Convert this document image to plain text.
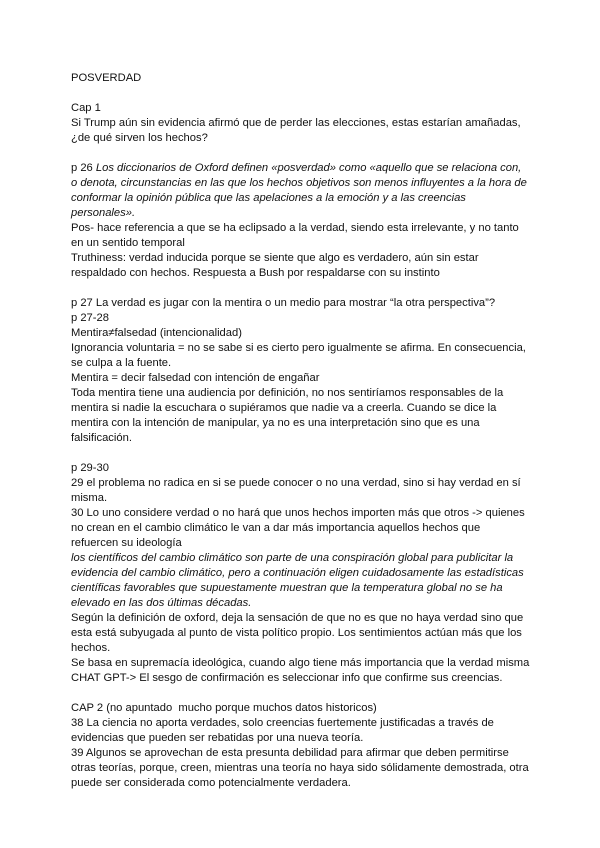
POSVERDAD

Cap 1

Si Trump aún sin evidencia afirmó que de perder las elecciones, estas estarían amañadas,

¿de qué sirven los hechos?

p 26 Los diccionarios de Oxford definen «posverdad» como «aquello que se relaciona con,

o denota, circunstancias en las que los hechos objetivos son menos influyentes a la hora de

conformar la opinión pública que las apelaciones a la emoción y a las creencias

personales».

Pos- hace referencia a que se ha eclipsado a la verdad, siendo esta irrelevante, y no tanto

en un sentido temporal

Truthiness: verdad inducida porque se siente que algo es verdadero, aún sin estar

respaldado con hechos. Respuesta a Bush por respaldarse con su instinto

p 27 La verdad es jugar con la mentira o un medio para mostrar “la otra perspectiva”?

p 27-28

Mentira≠falsedad (intencionalidad)

Ignorancia voluntaria = no se sabe si es cierto pero igualmente se afirma. En consecuencia,

se culpa a la fuente.

Mentira = decir falsedad con intención de engañar

Toda mentira tiene una audiencia por definición, no nos sentiríamos responsables de la

mentira si nadie la escuchara o supiéramos que nadie va a creerla. Cuando se dice la

mentira con la intención de manipular, ya no es una interpretación sino que es una

falsificación.

p 29-30

29 el problema no radica en si se puede conocer o no una verdad, sino si hay verdad en sí

misma.

30 Lo uno considere verdad o no hará que unos hechos importen más que otros -> quienes

no crean en el cambio climático le van a dar más importancia aquellos hechos que

refuercen su ideología

los científicos del cambio climático son parte de una conspiración global para publicitar la

evidencia del cambio climático, pero a continuación eligen cuidadosamente las estadísticas

científicas favorables que supuestamente muestran que la temperatura global no se ha

elevado en las dos últimas décadas.

Según la definición de oxford, deja la sensación de que no es que no haya verdad sino que

esta está subyugada al punto de vista político propio. Los sentimientos actúan más que los

hechos.

Se basa en supremacía ideológica, cuando algo tiene más importancia que la verdad misma

CHAT GPT-> El sesgo de confirmación es seleccionar info que confirme sus creencias.

CAP 2 (no apuntado  mucho porque muchos datos historicos)

38 La ciencia no aporta verdades, solo creencias fuertemente justificadas a través de

evidencias que pueden ser rebatidas por una nueva teoría.

39 Algunos se aprovechan de esta presunta debilidad para afirmar que deben permitirse

otras teorías, porque, creen, mientras una teoría no haya sido sólidamente demostrada, otra

puede ser considerada como potencialmente verdadera.
